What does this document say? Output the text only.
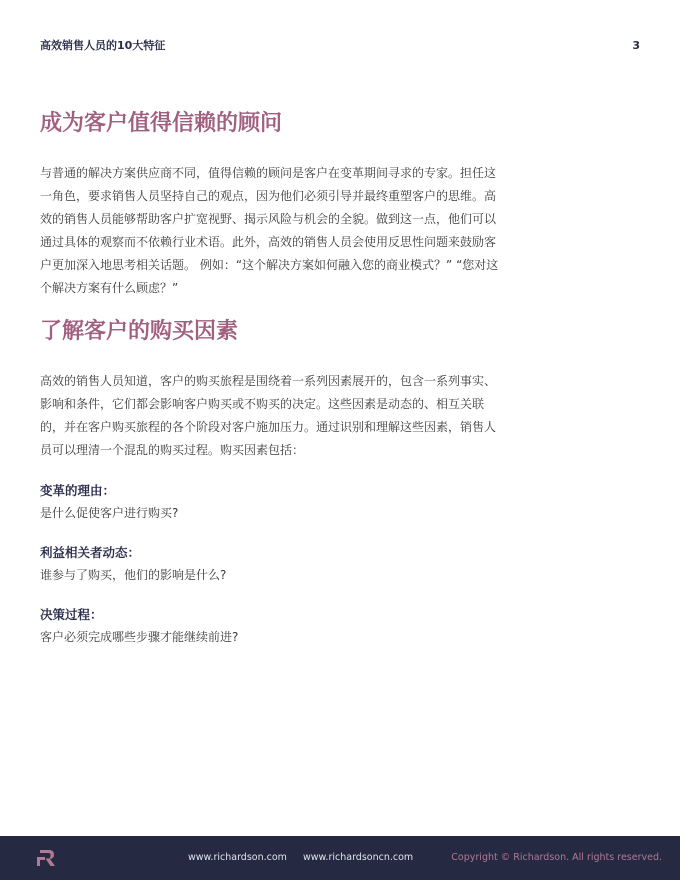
高效销售人员的10大特征	3
成为客户值得信赖的顾问

与普通的解决方案供应商不同，值得信赖的顾问是客户在变革期间寻求的专家。担任这一角色，要求销售人员坚持自己的观点，因为他们必须引导并最终重塑客户的思维。高效的销售人员能够帮助客户扩宽视野、揭示风险与机会的全貌。做到这一点，他们可以通过具体的观察而不依赖行业术语。此外，高效的销售人员会使用反思性问题来鼓励客户更加深入地思考相关话题。 例如：“这个解决方案如何融入您的商业模式？” “您对这个解决方案有什么顾虑？”

了解客户的购买因素

高效的销售人员知道，客户的购买旅程是围绕着一系列因素展开的，包含一系列事实、影响和条件，它们都会影响客户购买或不购买的决定。这些因素是动态的、相互关联的，并在客户购买旅程的各个阶段对客户施加压力。通过识别和理解这些因素，销售人员可以理清一个混乱的购买过程。购买因素包括：

变革的理由：
是什么促使客户进行购买?
利益相关者动态：
谁参与了购买，他们的影响是什么?
决策过程：
客户必须完成哪些步骤才能继续前进?
www.richardson.com www.richardsoncn.com	Copyright © Richardson. All rights reserved.
